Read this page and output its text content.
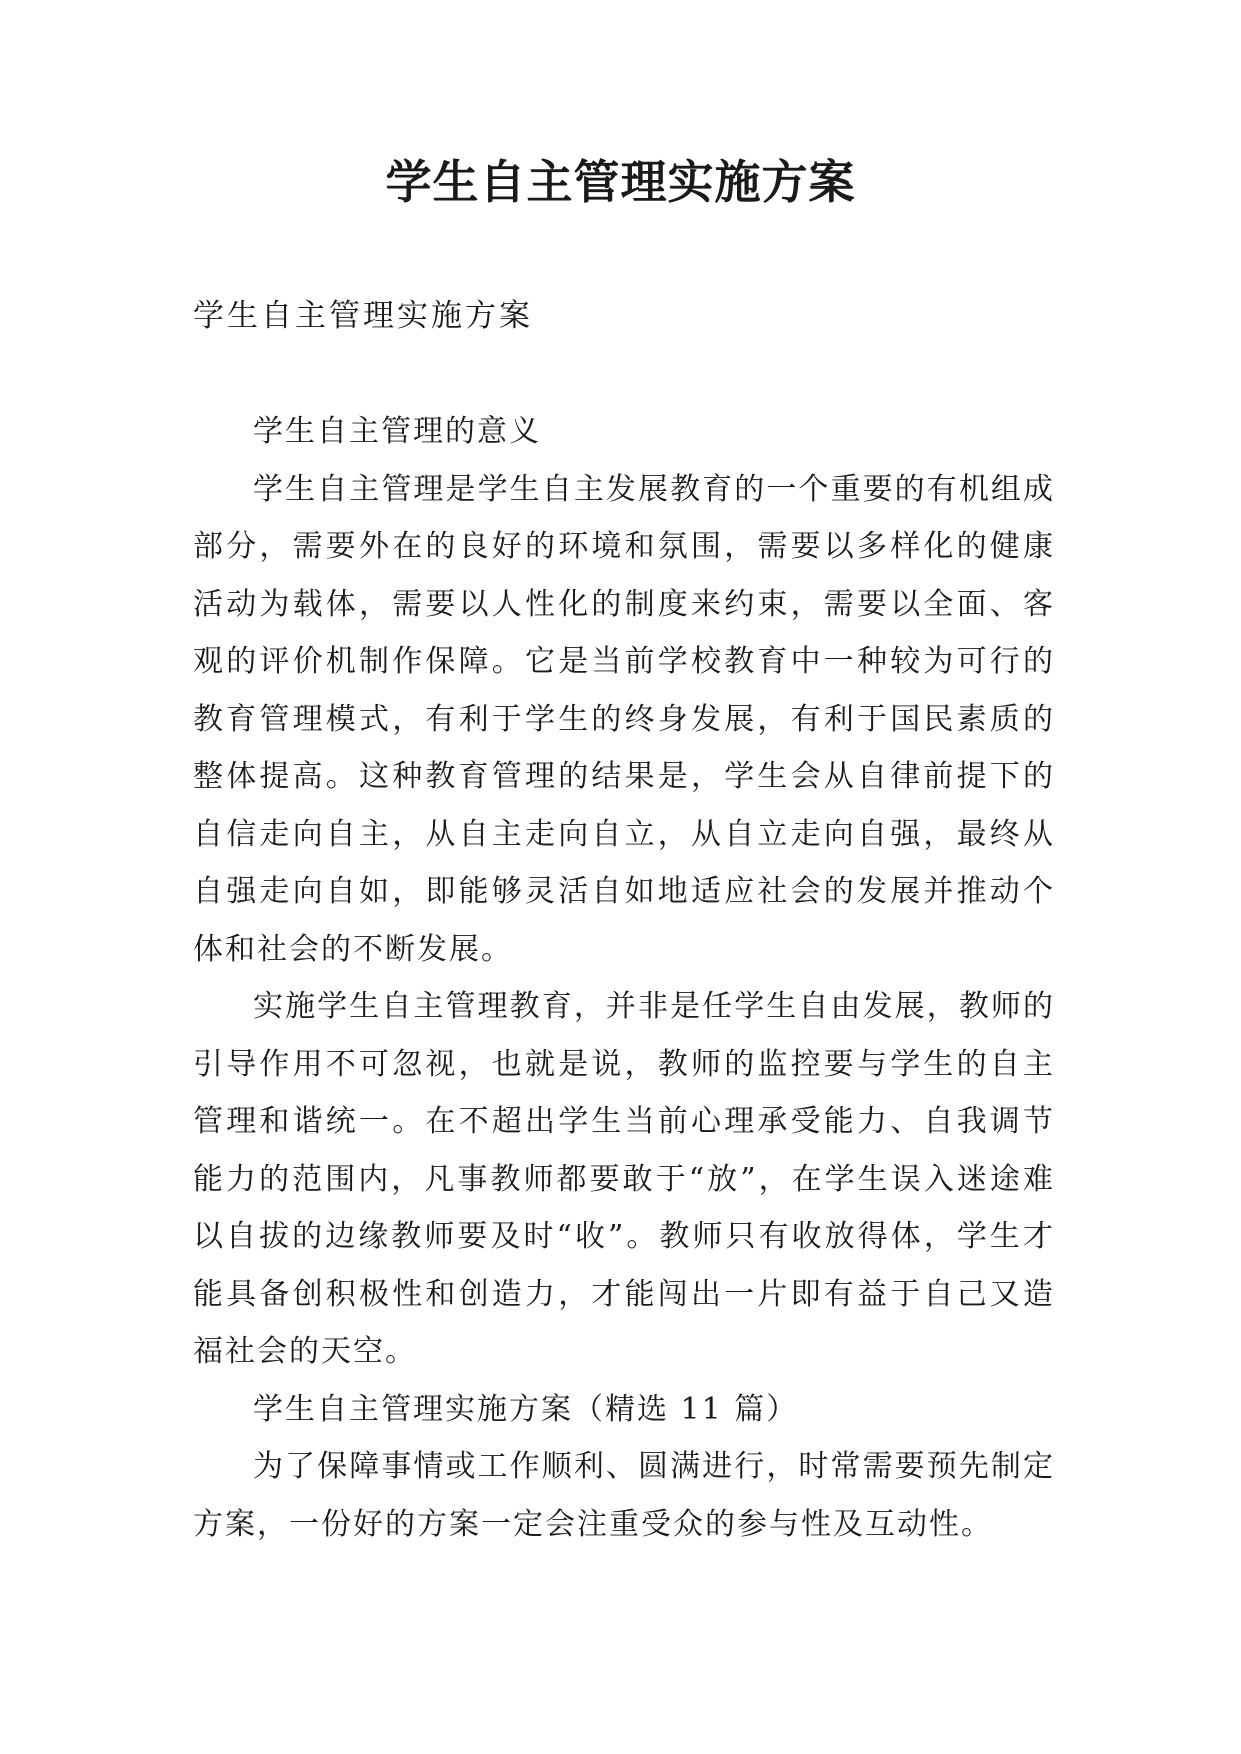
学生自主管理实施方案

学生自主管理实施方案

学生自主管理的意义

学生自主管理是学生自主发展教育的一个重要的有机组成部分，需要外在的良好的环境和氛围，需要以多样化的健康活动为载体，需要以人性化的制度来约束，需要以全面、客观的评价机制作保障。它是当前学校教育中一种较为可行的教育管理模式，有利于学生的终身发展，有利于国民素质的整体提高。这种教育管理的结果是，学生会从自律前提下的自信走向自主，从自主走向自立，从自立走向自强，最终从自强走向自如，即能够灵活自如地适应社会的发展并推动个体和社会的不断发展。

实施学生自主管理教育，并非是任学生自由发展，教师的引导作用不可忽视，也就是说，教师的监控要与学生的自主管理和谐统一。在不超出学生当前心理承受能力、自我调节能力的范围内，凡事教师都要敢于“放”，在学生误入迷途难以自拔的边缘教师要及时“收”。教师只有收放得体，学生才能具备创积极性和创造力，才能闯出一片即有益于自己又造福社会的天空。

学生自主管理实施方案（精选 11 篇）

为了保障事情或工作顺利、圆满进行，时常需要预先制定方案，一份好的方案一定会注重受众的参与性及互动性。
